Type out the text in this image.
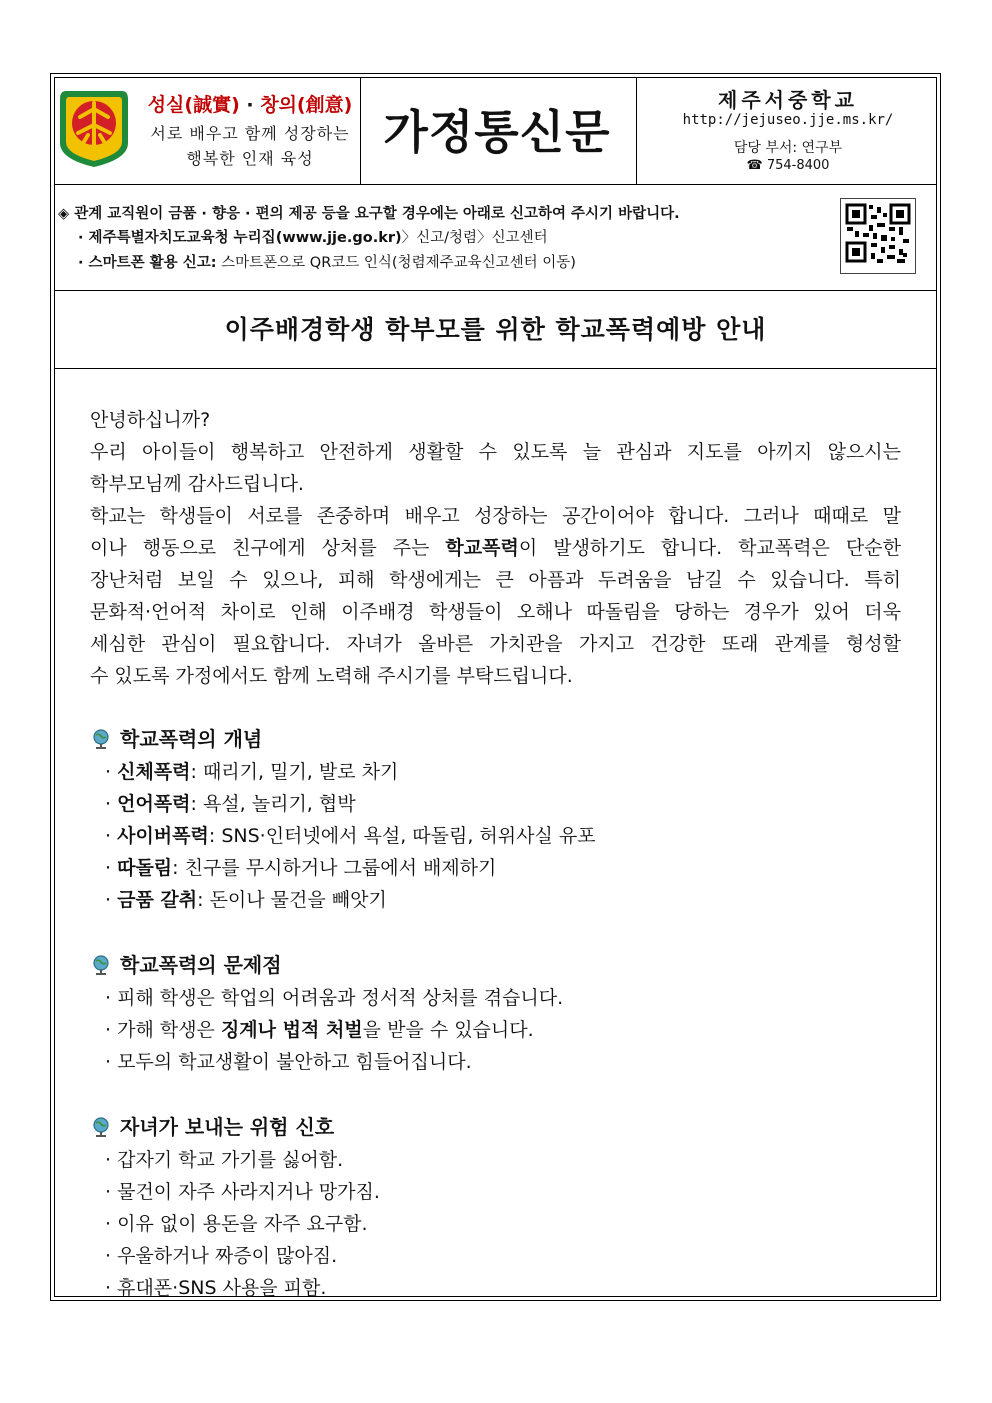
성실(誠實) · 창의(創意)
서로 배우고 함께 성장하는
행복한 인재 육성	가정통신문
제주서중학교
http://jejuseo.jje.ms.kr/
담당 부서: 연구부
☎ 754-8400
◈ 관계 교직원이 금품 · 향응 · 편의 제공 등을 요구할 경우에는 아래로 신고하여 주시기 바랍니다.
· 제주특별자치도교육청 누리집(www.jje.go.kr)〉신고/청렴〉신고센터
· 스마트폰 활용 신고: 스마트폰으로 QR코드 인식(청렴제주교육신고센터 이동)
이주배경학생 학부모를 위한 학교폭력예방 안내
안녕하십니까?
우리 아이들이 행복하고 안전하게 생활할 수 있도록 늘 관심과 지도를 아끼지 않으시는
학부모님께 감사드립니다.
학교는 학생들이 서로를 존중하며 배우고 성장하는 공간이어야 합니다. 그러나 때때로 말
이나 행동으로 친구에게 상처를 주는 학교폭력이 발생하기도 합니다. 학교폭력은 단순한
장난처럼 보일 수 있으나, 피해 학생에게는 큰 아픔과 두려움을 남길 수 있습니다. 특히
문화적·언어적 차이로 인해 이주배경 학생들이 오해나 따돌림을 당하는 경우가 있어 더욱
세심한 관심이 필요합니다. 자녀가 올바른 가치관을 가지고 건강한 또래 관계를 형성할
수 있도록 가정에서도 함께 노력해 주시기를 부탁드립니다.
학교폭력의 개념
· 신체폭력: 때리기, 밀기, 발로 차기
· 언어폭력: 욕설, 놀리기, 협박
· 사이버폭력: SNS·인터넷에서 욕설, 따돌림, 허위사실 유포
· 따돌림: 친구를 무시하거나 그룹에서 배제하기
· 금품 갈취: 돈이나 물건을 빼앗기
학교폭력의 문제점
· 피해 학생은 학업의 어려움과 정서적 상처를 겪습니다.
· 가해 학생은 징계나 법적 처벌을 받을 수 있습니다.
· 모두의 학교생활이 불안하고 힘들어집니다.
자녀가 보내는 위험 신호
· 갑자기 학교 가기를 싫어함.
· 물건이 자주 사라지거나 망가짐.
· 이유 없이 용돈을 자주 요구함.
· 우울하거나 짜증이 많아짐.
· 휴대폰·SNS 사용을 피함.
